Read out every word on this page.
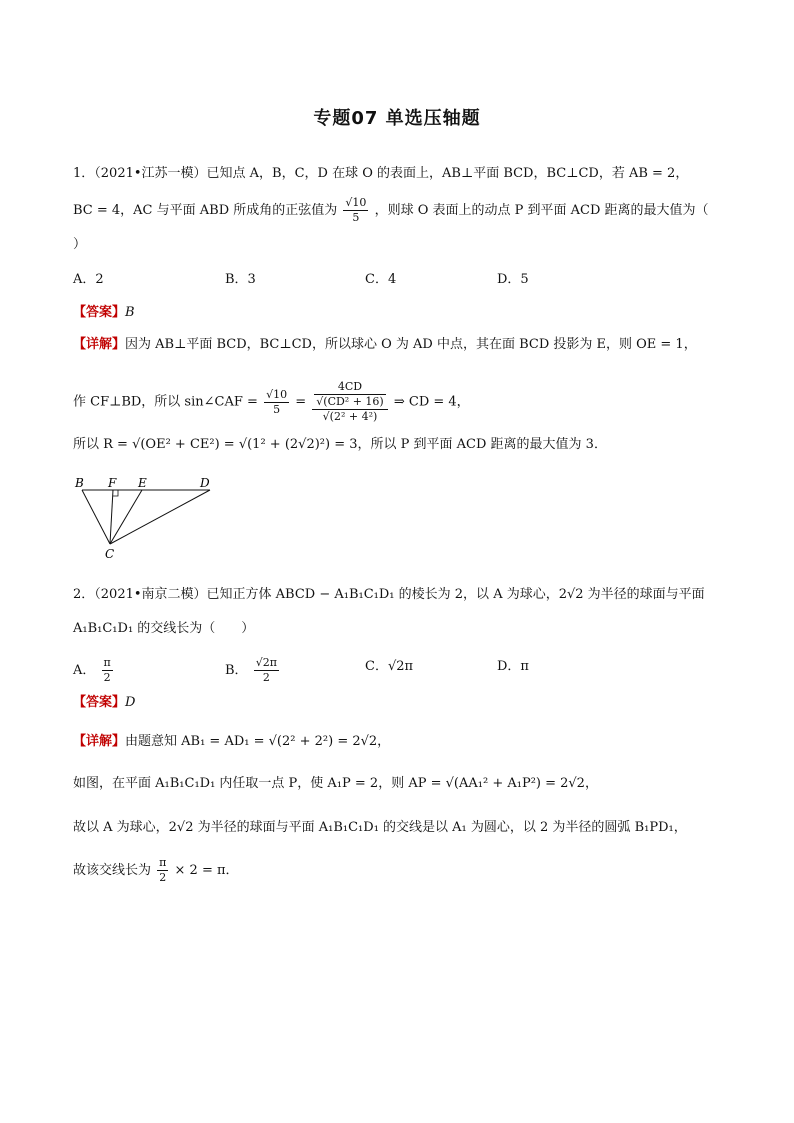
专题07 单选压轴题
1．（2021•江苏一模）已知点 A，B，C，D 在球 O 的表面上，AB⊥平面 BCD，BC⊥CD，若 AB = 2，
BC = 4，AC 与平面 ABD 所成角的正弦值为 $\frac{√10}{5}$ ，则球 O 表面上的动点 P 到平面 ACD 距离的最大值为（
）
A．2	B．3	C．4	D．5
【答案】B
【详解】因为 AB⊥平面 BCD，BC⊥CD，所以球心 O 为 AD 中点，其在面 BCD 投影为 E，则 OE = 1，
作 CF⊥BD，所以 sin∠CAF = $\frac{√10}{5} = \frac{\frac{4CD}{\text{√(CD² + 16)}}}{\text{√(2² + 4²)}}$ ⇒ CD = 4，
所以 R = √(OE² + CE²) = √(1² + (2√2)²) = 3，所以 P 到平面 ACD 距离的最大值为 3．
B F E	D
C
2．（2021•南京二模）已知正方体 ABCD − A₁B₁C₁D₁ 的棱长为 2，以 A 为球心，2√2 为半径的球面与平面
A₁B₁C₁D₁ 的交线长为（　　）
A． $\frac{\pi}{2}$	B． $\frac{√2\pi}{2}$	C．√2π	D．π
【答案】D
【详解】由题意知 AB₁ = AD₁ = √(2² + 2²) = 2√2，
如图，在平面 A₁B₁C₁D₁ 内任取一点 P，使 A₁P = 2，则 AP = √(AA₁² + A₁P²) = 2√2，
故以 A 为球心，2√2 为半径的球面与平面 A₁B₁C₁D₁ 的交线是以 A₁ 为圆心，以 2 为半径的圆弧 B₁PD₁，
故该交线长为 $\frac{\pi}{2} \times 2 = \pi$．
